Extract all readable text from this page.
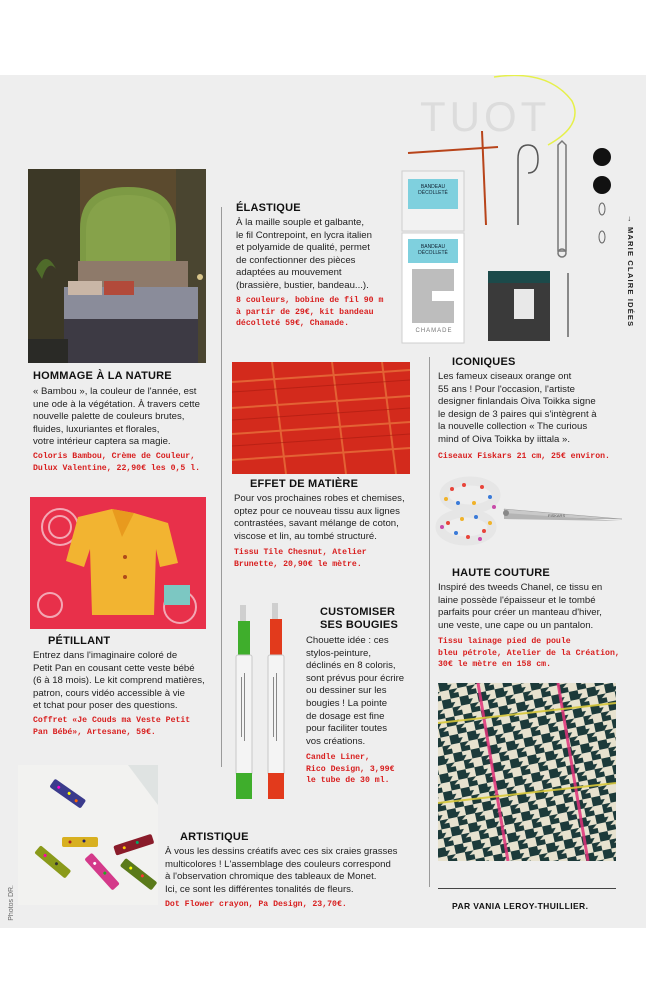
→ MARIE CLAIRE IDÉES
Photos DR.
HOMMAGE À LA NATURE
« Bambou », la couleur de l'année, est
une ode à la végétation. À travers cette
nouvelle palette de couleurs brutes,
fluides, luxuriantes et florales,
votre intérieur captera sa magie.
Coloris Bambou, Crème de Couleur,
Dulux Valentine, 22,90€ les 0,5 l.
PÉTILLANT
Entrez dans l'imaginaire coloré de
Petit Pan en cousant cette veste bébé
(6 à 18 mois). Le kit comprend matières,
patron, cours vidéo accessible à vie
et tchat pour poser des questions.
Coffret «Je Couds ma Veste Petit
Pan Bébé», Artesane, 59€.
ARTISTIQUE
À vous les dessins créatifs avec ces six craies grasses
multicolores ! L'assemblage des couleurs correspond
à l'observation chromique des tableaux de Monet.
Ici, ce sont les différentes tonalités de fleurs.
Dot Flower crayon, Pa Design, 23,70€.
ÉLASTIQUE
À la maille souple et galbante,
le fil Contrepoint, en lycra italien
et polyamide de qualité, permet
de confectionner des pièces
adaptées au mouvement
(brassière, bustier, bandeau...).
8 couleurs, bobine de fil 90 m
à partir de 29€, kit bandeau
décolleté 59€, Chamade.
EFFET DE MATIÈRE
Pour vos prochaines robes et chemises,
optez pour ce nouveau tissu aux lignes
contrastées, savant mélange de coton,
viscose et lin, au tombé structuré.
Tissu Tile Chesnut, Atelier
Brunette, 20,90€ le mètre.
CUSTOMISER
SES BOUGIES
Chouette idée : ces
stylos-peinture,
déclinés en 8 coloris,
sont prévus pour écrire
ou dessiner sur les
bougies ! La pointe
de dosage est fine
pour faciliter toutes
vos créations.
Candle Liner,
Rico Design, 3,99€
le tube de 30 ml.
TUOT
BANDEAU DÉCOLLETÉ
BANDEAU DÉCOLLETÉ
CHAMADE
ICONIQUES
Les fameux ciseaux orange ont
55 ans ! Pour l'occasion, l'artiste
designer finlandais Oiva Toikka signe
le design de 3 paires qui s'intègrent à
la nouvelle collection « The curious
mind of Oiva Toikka by iittala ».
Ciseaux Fiskars 21 cm, 25€ environ.
FISKARS
HAUTE COUTURE
Inspiré des tweeds Chanel, ce tissu en
laine possède l'épaisseur et le tombé
parfaits pour créer un manteau d'hiver,
une veste, une cape ou un pantalon.
Tissu lainage pied de poule
bleu pétrole, Atelier de la Création,
30€ le mètre en 158 cm.
PAR VANIA LEROY-THUILLIER.
